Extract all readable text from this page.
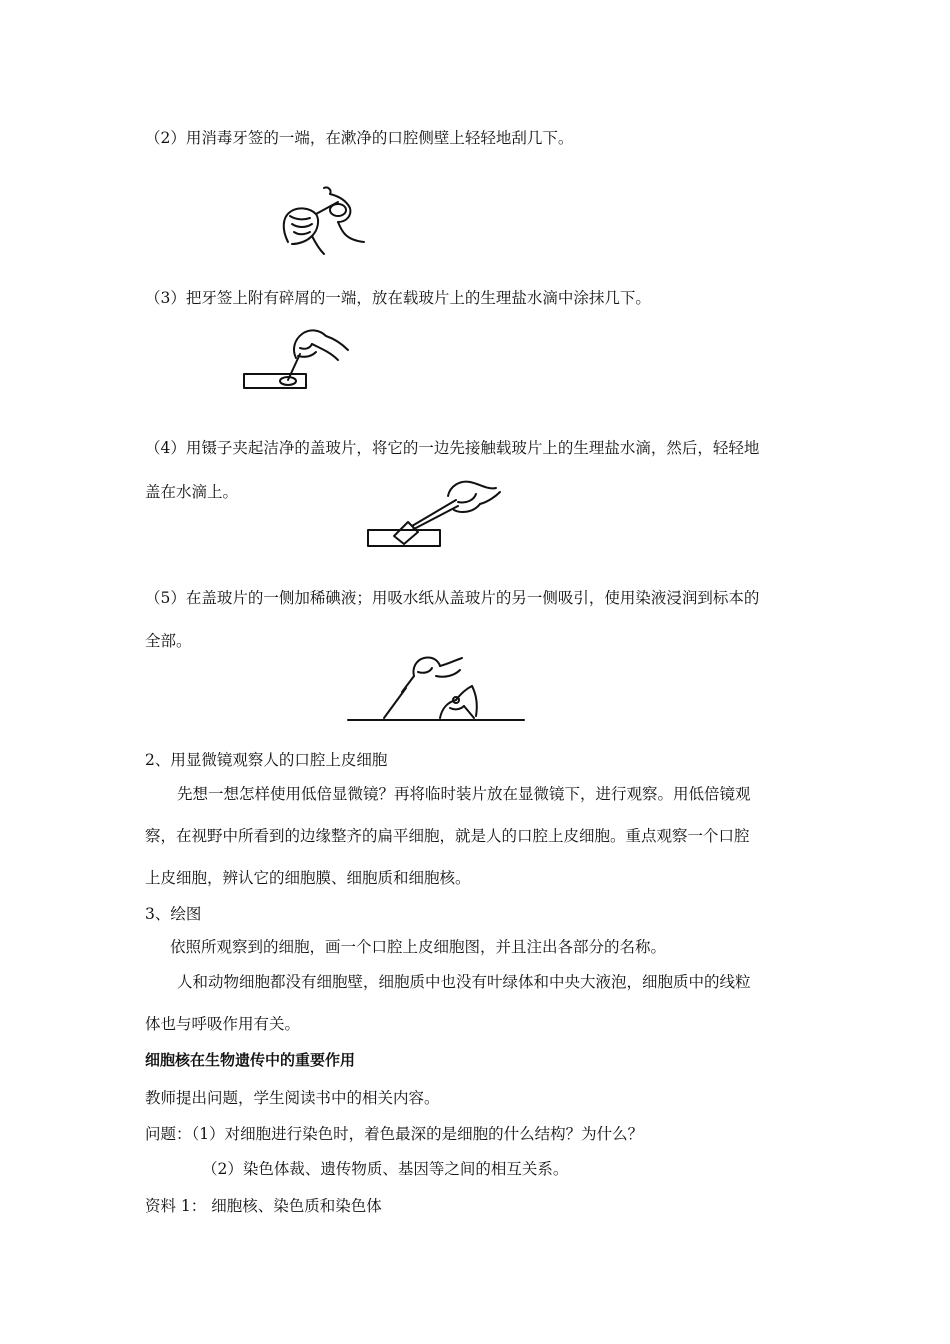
（2）用消毒牙签的一端，在漱净的口腔侧壁上轻轻地刮几下。
（3）把牙签上附有碎屑的一端，放在载玻片上的生理盐水滴中涂抹几下。
（4）用镊子夹起洁净的盖玻片，将它的一边先接触载玻片上的生理盐水滴，然后，轻轻地
盖在水滴上。
（5）在盖玻片的一侧加稀碘液；用吸水纸从盖玻片的另一侧吸引，使用染液浸润到标本的
全部。
2、用显微镜观察人的口腔上皮细胞
先想一想怎样使用低倍显微镜？再将临时装片放在显微镜下，进行观察。用低倍镜观
察，在视野中所看到的边缘整齐的扁平细胞，就是人的口腔上皮细胞。重点观察一个口腔
上皮细胞，辨认它的细胞膜、细胞质和细胞核。
3、绘图
依照所观察到的细胞，画一个口腔上皮细胞图，并且注出各部分的名称。
人和动物细胞都没有细胞壁，细胞质中也没有叶绿体和中央大液泡，细胞质中的线粒
体也与呼吸作用有关。
细胞核在生物遗传中的重要作用
教师提出问题，学生阅读书中的相关内容。
问题：（1）对细胞进行染色时，着色最深的是细胞的什么结构？为什么？
（2）染色体裁、遗传物质、基因等之间的相互关系。
资料 1： 细胞核、染色质和染色体
